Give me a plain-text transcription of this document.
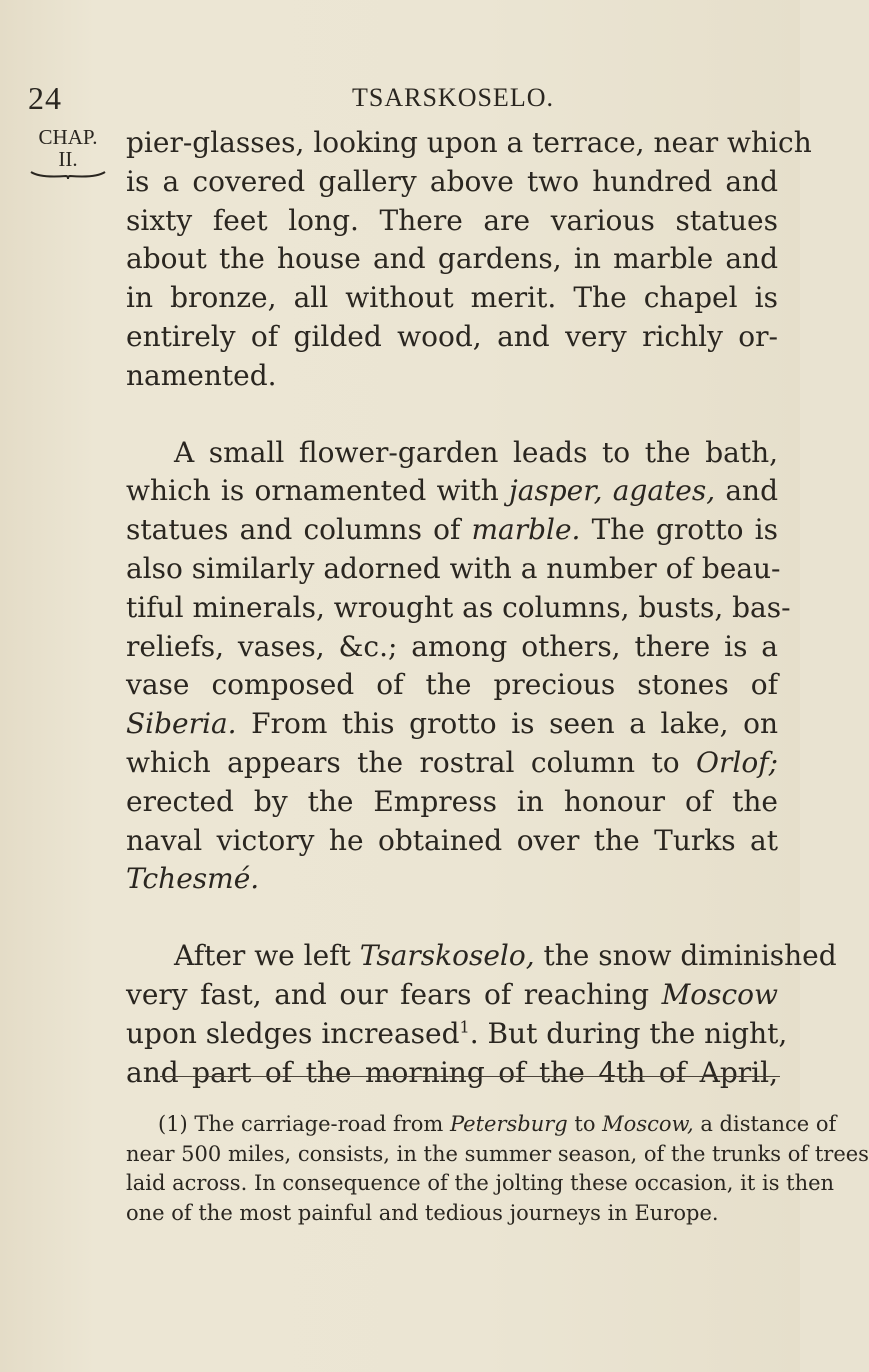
24	TSARSKOSELO.
CHAP.
II.	pier-glasses, looking upon a terrace, near which
is a covered gallery above two hundred and
sixty feet long. There are various statues
about the house and gardens, in marble and
in bronze, all without merit. The chapel is
entirely of gilded wood, and very richly or-
namented.

A small flower-garden leads to the bath,
which is ornamented with jasper, agates, and
statues and columns of marble. The grotto is
also similarly adorned with a number of beau-
tiful minerals, wrought as columns, busts, bas-
reliefs, vases, &c.; among others, there is a
vase composed of the precious stones of
Siberia. From this grotto is seen a lake, on
which appears the rostral column to Orlof;
erected by the Empress in honour of the
naval victory he obtained over the Turks at
Tchesmé.

After we left Tsarskoselo, the snow diminished
very fast, and our fears of reaching Moscow
upon sledges increased$^1$. But during the night,
and part of the morning of the 4th of April,

(1) The carriage-road from Petersburg to Moscow, a distance of
near 500 miles, consists, in the summer season, of the trunks of trees
laid across. In consequence of the jolting these occasion, it is then
one of the most painful and tedious journeys in Europe.
